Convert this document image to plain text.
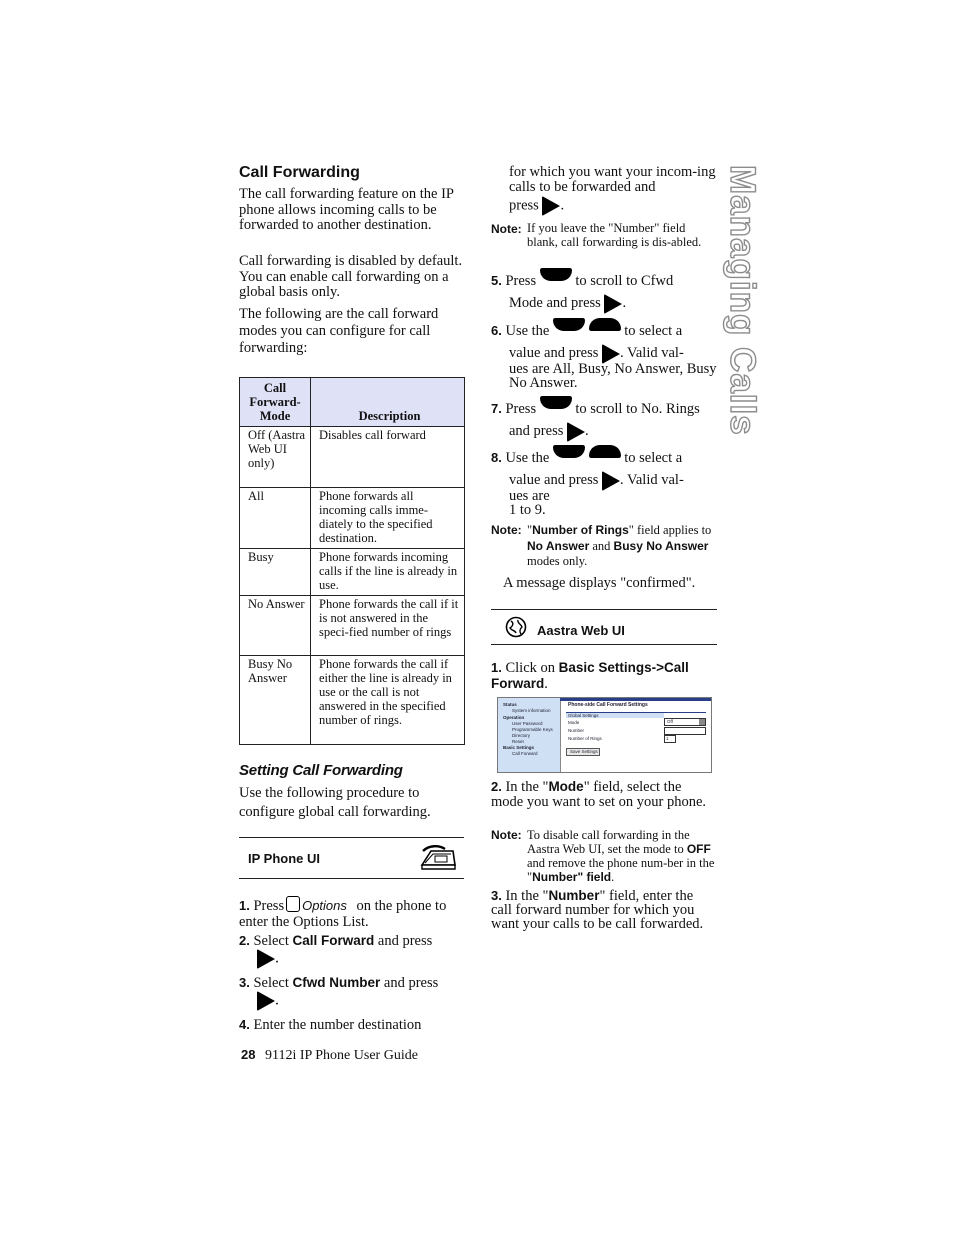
Managing Calls
Call Forwarding

The call forwarding feature on the IP phone allows incoming calls to be forwarded to another destination.

Call forwarding is disabled by default. You can enable call forwarding on a global basis only.

The following are the call forward modes you can configure for call forwarding:

Call Forward-Mode	Description
Off (Aastra Web UI only)	Disables call forward
All	Phone forwards all incoming calls imme-diately to the specified destination.
Busy	Phone forwards incoming calls if the line is already in use.
No Answer	Phone forwards the call if it is not answered in the speci-fied number of rings
Busy No Answer	Phone forwards the call if either the line is already in use or the call is not answered in the specified number of rings.
Setting Call Forwarding

Use the following procedure to configure global call forwarding.

IP Phone UI
1. Press Options on the phone to enter the Options List.
2. Select Call Forward and press
.
3. Select Cfwd Number and press
.
4. Enter the number destination
28 9112i IP Phone User Guide

for which you want your incom-ing calls to be forwarded and

press .
Note: If you leave the "Number" field blank, call forwarding is dis-abled.

5. Press	to scroll to Cfwd
Mode and press .
6. Use the	to select a
value and press . Valid val-

ues are All, Busy, No Answer, Busy No Answer.

7. Press	to scroll to No. Rings
and press .
8. Use the	to select a
value and press . Valid val-

ues are
1 to 9.

Note: "Number of Rings" field applies to No Answer and Busy No Answer modes only.

A message displays "confirmed".

Aastra Web UI
1. Click on Basic Settings->Call Forward.
Status
System information
Operation
User Password
Programmable Keys
Directory
Reset
Basic Settings
Call Forward
Phone-side Call Forward Settings
Global Settings
Mode
Number
Number of Rings
Off
1
Save Settings
2. In the "Mode" field, select the mode you want to set on your phone.
Note: To disable call forwarding in the Aastra Web UI, set the mode to OFF and remove the phone num-ber in the "Number" field.

3. In the "Number" field, enter the call forward number for which you want your calls to be call forwarded.
